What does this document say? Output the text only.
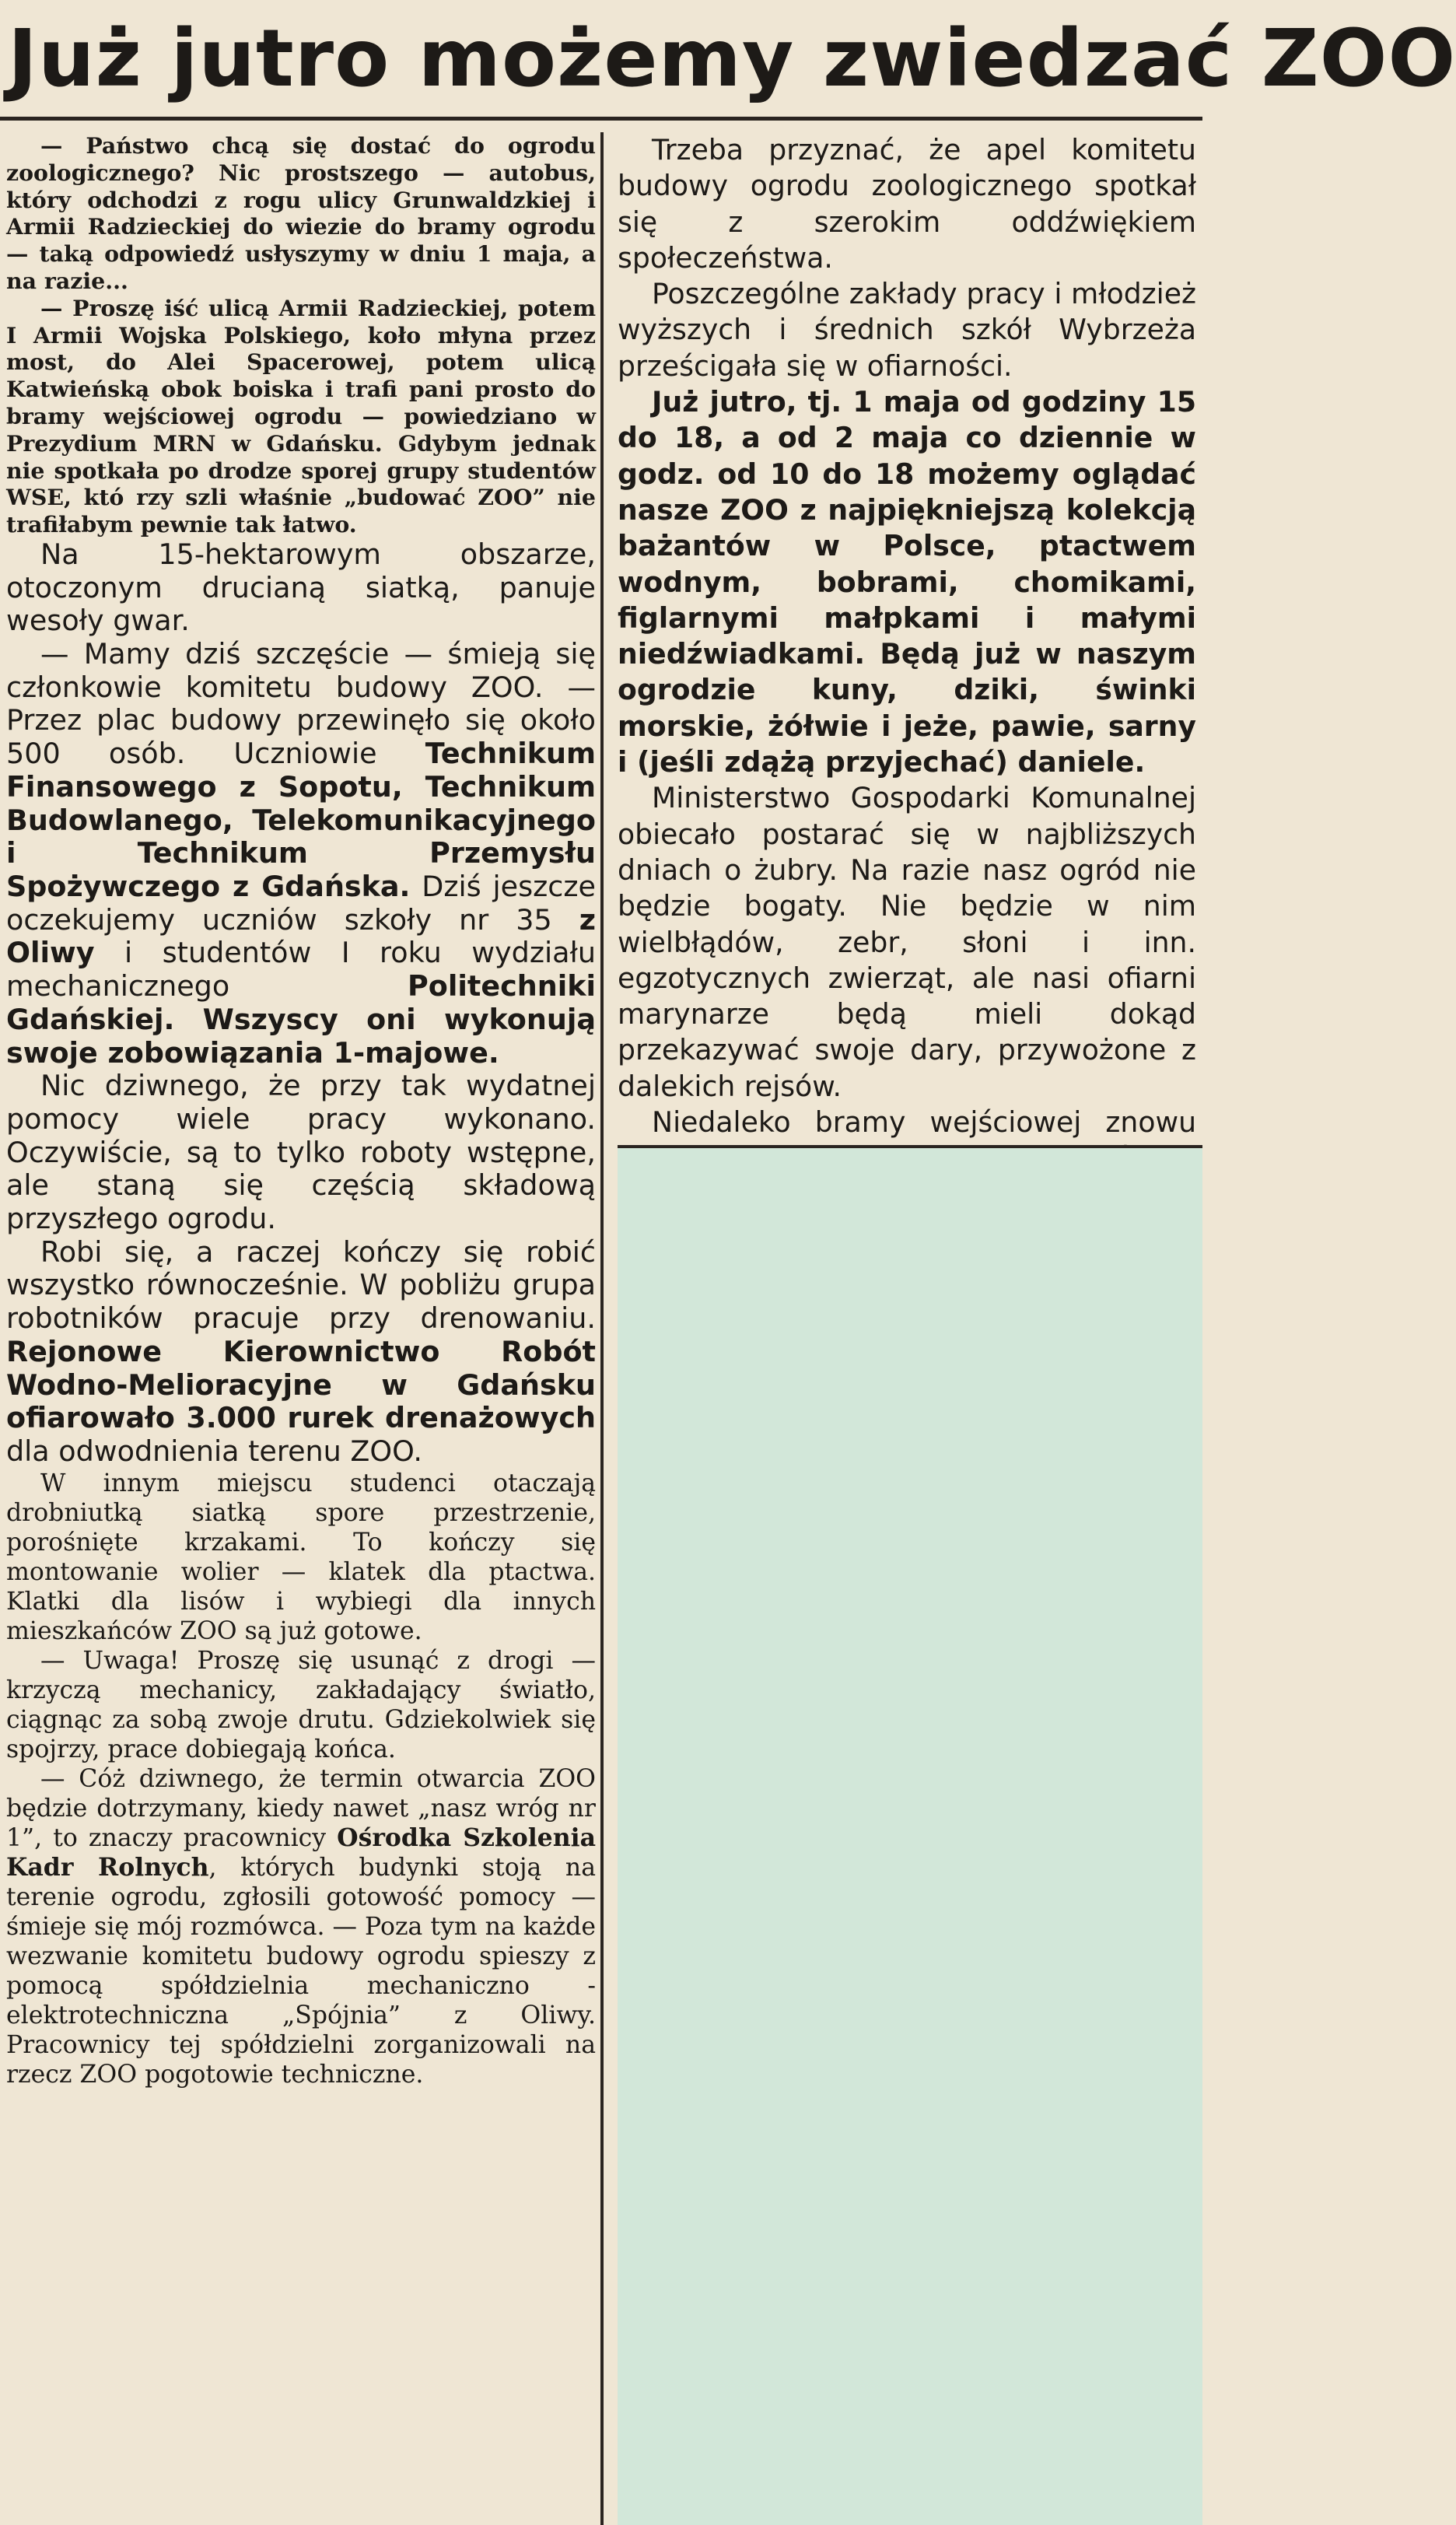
Już jutro możemy zwiedzać ZOO

— Państwo chcą się dostać do ogrodu zoologicznego? Nic prostszego — autobus, który odchodzi z rogu ulicy Grunwaldzkiej i Armii Radzieckiej do wiezie do bramy ogrodu — taką odpowiedź usłyszymy w dniu 1 maja, a na razie...

— Proszę iść ulicą Armii Radzieckiej, potem I Armii Wojska Polskiego, koło młyna przez most, do Alei Spacerowej, potem ulicą Katwieńską obok boiska i trafi pani prosto do bramy wejściowej ogrodu — powiedziano w Prezydium MRN w Gdańsku. Gdybym jednak nie spotkała po drodze sporej grupy studentów WSE, któ rzy szli właśnie „budować ZOO” nie trafiłabym pewnie tak łatwo.

Na 15-hektarowym obszarze, otoczonym drucianą siatką, panuje wesoły gwar.

— Mamy dziś szczęście — śmieją się członkowie komitetu budowy ZOO. — Przez plac budowy przewinęło się około 500 osób. Uczniowie Technikum Finansowego z Sopotu, Technikum Budowlanego, Telekomunikacyjnego i Technikum Przemysłu Spożywczego z Gdańska. Dziś jeszcze oczekujemy uczniów szkoły nr 35 z Oliwy i studentów I roku wydziału mechanicznego Politechniki Gdańskiej. Wszyscy oni wykonują swoje zobowiązania 1-majowe.

Nic dziwnego, że przy tak wydatnej pomocy wiele pracy wykonano. Oczywiście, są to tylko roboty wstępne, ale staną się częścią składową przyszłego ogrodu.

Robi się, a raczej kończy się robić wszystko równocześnie. W pobliżu grupa robotników pracuje przy drenowaniu. Rejonowe Kierownictwo Robót Wodno-Melioracyjne w Gdańsku ofiarowało 3.000 rurek drenażowych dla odwodnienia terenu ZOO.

W innym miejscu studenci otaczają drobniutką siatką spore przestrzenie, porośnięte krzakami. To kończy się montowanie wolier — klatek dla ptactwa. Klatki dla lisów i wybiegi dla innych mieszkańców ZOO są już gotowe.

— Uwaga! Proszę się usunąć z drogi — krzyczą mechanicy, zakładający światło, ciągnąc za sobą zwoje drutu. Gdziekolwiek się spojrzy, prace dobiegają końca.

— Cóż dziwnego, że termin otwarcia ZOO będzie dotrzymany, kiedy nawet „nasz wróg nr 1”, to znaczy pracownicy Ośrodka Szkolenia Kadr Rolnych, których budynki stoją na terenie ogrodu, zgłosili gotowość pomocy — śmieje się mój rozmówca. — Poza tym na każde wezwanie komitetu budowy ogrodu spieszy z pomocą spółdzielnia mechaniczno - elektrotechniczna „Spójnia” z Oliwy. Pracownicy tej spółdzielni zorganizowali na rzecz ZOO pogotowie techniczne.

Trzeba przyznać, że apel komitetu budowy ogrodu zoologicznego spotkał się z szerokim oddźwiękiem społeczeństwa.

Poszczególne zakłady pracy i młodzież wyższych i średnich szkół Wybrzeża prześcigała się w ofiarności.

Już jutro, tj. 1 maja od godziny 15 do 18, a od 2 maja co dziennie w godz. od 10 do 18 możemy oglądać nasze ZOO z najpiękniejszą kolekcją bażantów w Polsce, ptactwem wodnym, bobrami, chomikami, figlarnymi małpkami i małymi niedźwiadkami. Będą już w naszym ogrodzie kuny, dziki, świnki morskie, żółwie i jeże, pawie, sarny i (jeśli zdążą przyjechać) daniele.

Ministerstwo Gospodarki Komunalnej obiecało postarać się w najbliższych dniach o żubry. Na razie nasz ogród nie będzie bogaty. Nie będzie w nim wielbłądów, zebr, słoni i inn. egzotycznych zwierząt, ale nasi ofiarni marynarze będą mieli dokąd przekazywać swoje dary, przywożone z dalekich rejsów.

Niedaleko bramy wejściowej znowu
